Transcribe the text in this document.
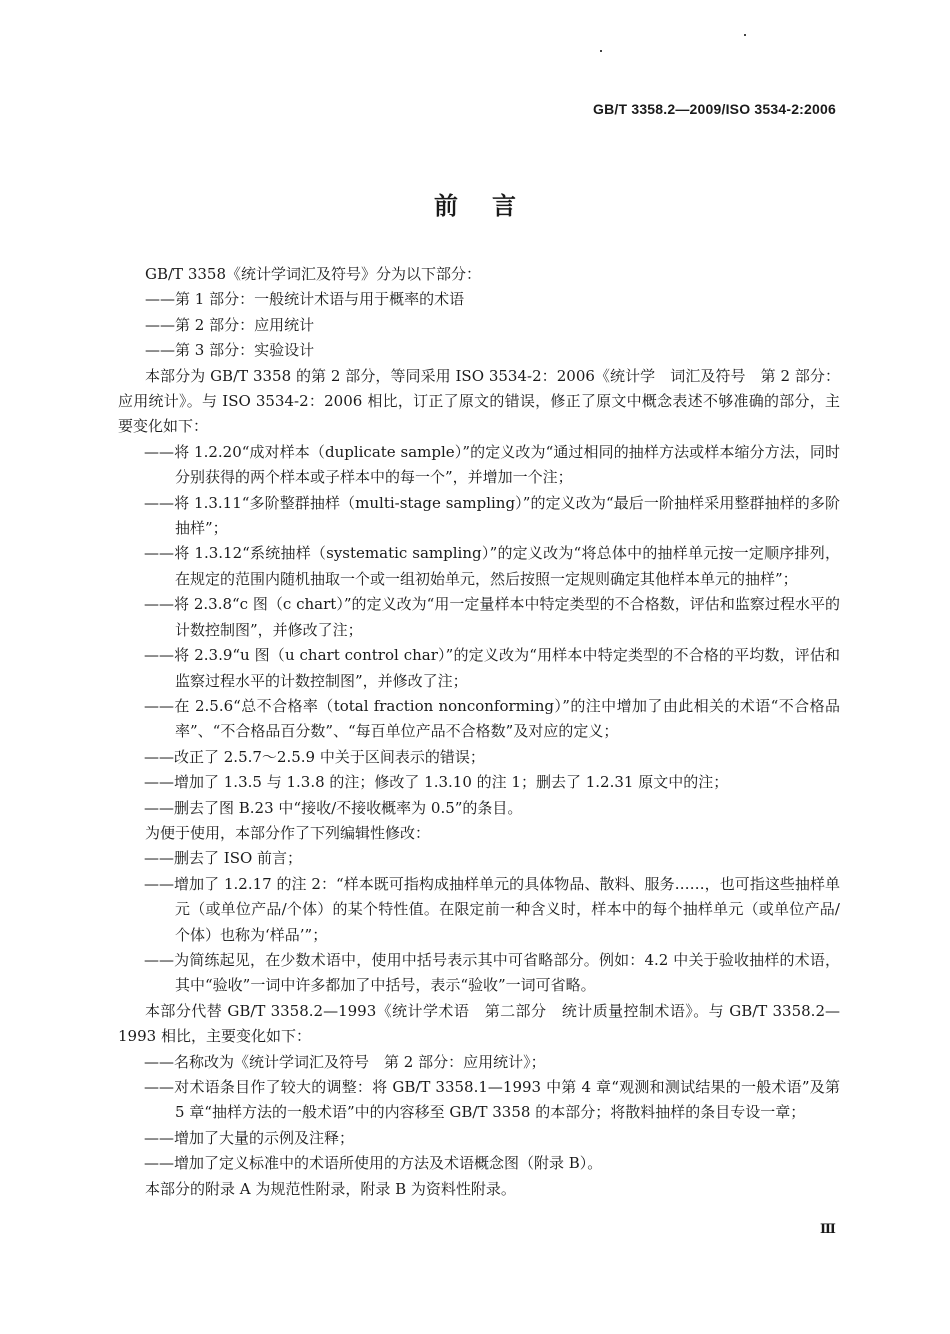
GB/T 3358.2—2009/ISO 3534-2:2006
前言

GB/T 3358《统计学词汇及符号》分为以下部分：

——第 1 部分：一般统计术语与用于概率的术语

——第 2 部分：应用统计

——第 3 部分：实验设计

本部分为 GB/T 3358 的第 2 部分，等同采用 ISO 3534-2：2006《统计学　词汇及符号　第 2 部分：应用统计》。与 ISO 3534-2：2006 相比，订正了原文的错误，修正了原文中概念表述不够准确的部分，主要变化如下：

——将 1.2.20“成对样本（duplicate sample）”的定义改为“通过相同的抽样方法或样本缩分方法，同时分别获得的两个样本或子样本中的每一个”，并增加一个注；

——将 1.3.11“多阶整群抽样（multi-stage sampling）”的定义改为“最后一阶抽样采用整群抽样的多阶抽样”；

——将 1.3.12“系统抽样（systematic sampling）”的定义改为“将总体中的抽样单元按一定顺序排列，在规定的范围内随机抽取一个或一组初始单元，然后按照一定规则确定其他样本单元的抽样”；

——将 2.3.8“c 图（c chart）”的定义改为“用一定量样本中特定类型的不合格数，评估和监察过程水平的计数控制图”，并修改了注；

——将 2.3.9“u 图（u chart control char）”的定义改为“用样本中特定类型的不合格的平均数，评估和监察过程水平的计数控制图”，并修改了注；

——在 2.5.6“总不合格率（total fraction nonconforming）”的注中增加了由此相关的术语“不合格品率”、“不合格品百分数”、“每百单位产品不合格数”及对应的定义；

——改正了 2.5.7～2.5.9 中关于区间表示的错误；

——增加了 1.3.5 与 1.3.8 的注；修改了 1.3.10 的注 1；删去了 1.2.31 原文中的注；

——删去了图 B.23 中“接收/不接收概率为 0.5”的条目。

为便于使用，本部分作了下列编辑性修改：

——删去了 ISO 前言；

——增加了 1.2.17 的注 2：“样本既可指构成抽样单元的具体物品、散料、服务……，也可指这些抽样单元（或单位产品/个体）的某个特性值。在限定前一种含义时，样本中的每个抽样单元（或单位产品/个体）也称为‘样品’”；

——为简练起见，在少数术语中，使用中括号表示其中可省略部分。例如：4.2 中关于验收抽样的术语，其中“验收”一词中许多都加了中括号，表示“验收”一词可省略。

本部分代替 GB/T 3358.2—1993《统计学术语　第二部分　统计质量控制术语》。与 GB/T 3358.2—1993 相比，主要变化如下：

——名称改为《统计学词汇及符号　第 2 部分：应用统计》；

——对术语条目作了较大的调整：将 GB/T 3358.1—1993 中第 4 章“观测和测试结果的一般术语”及第 5 章“抽样方法的一般术语”中的内容移至 GB/T 3358 的本部分；将散料抽样的条目专设一章；

——增加了大量的示例及注释；

——增加了定义标准中的术语所使用的方法及术语概念图（附录 B）。

本部分的附录 A 为规范性附录，附录 B 为资料性附录。

Ⅲ
